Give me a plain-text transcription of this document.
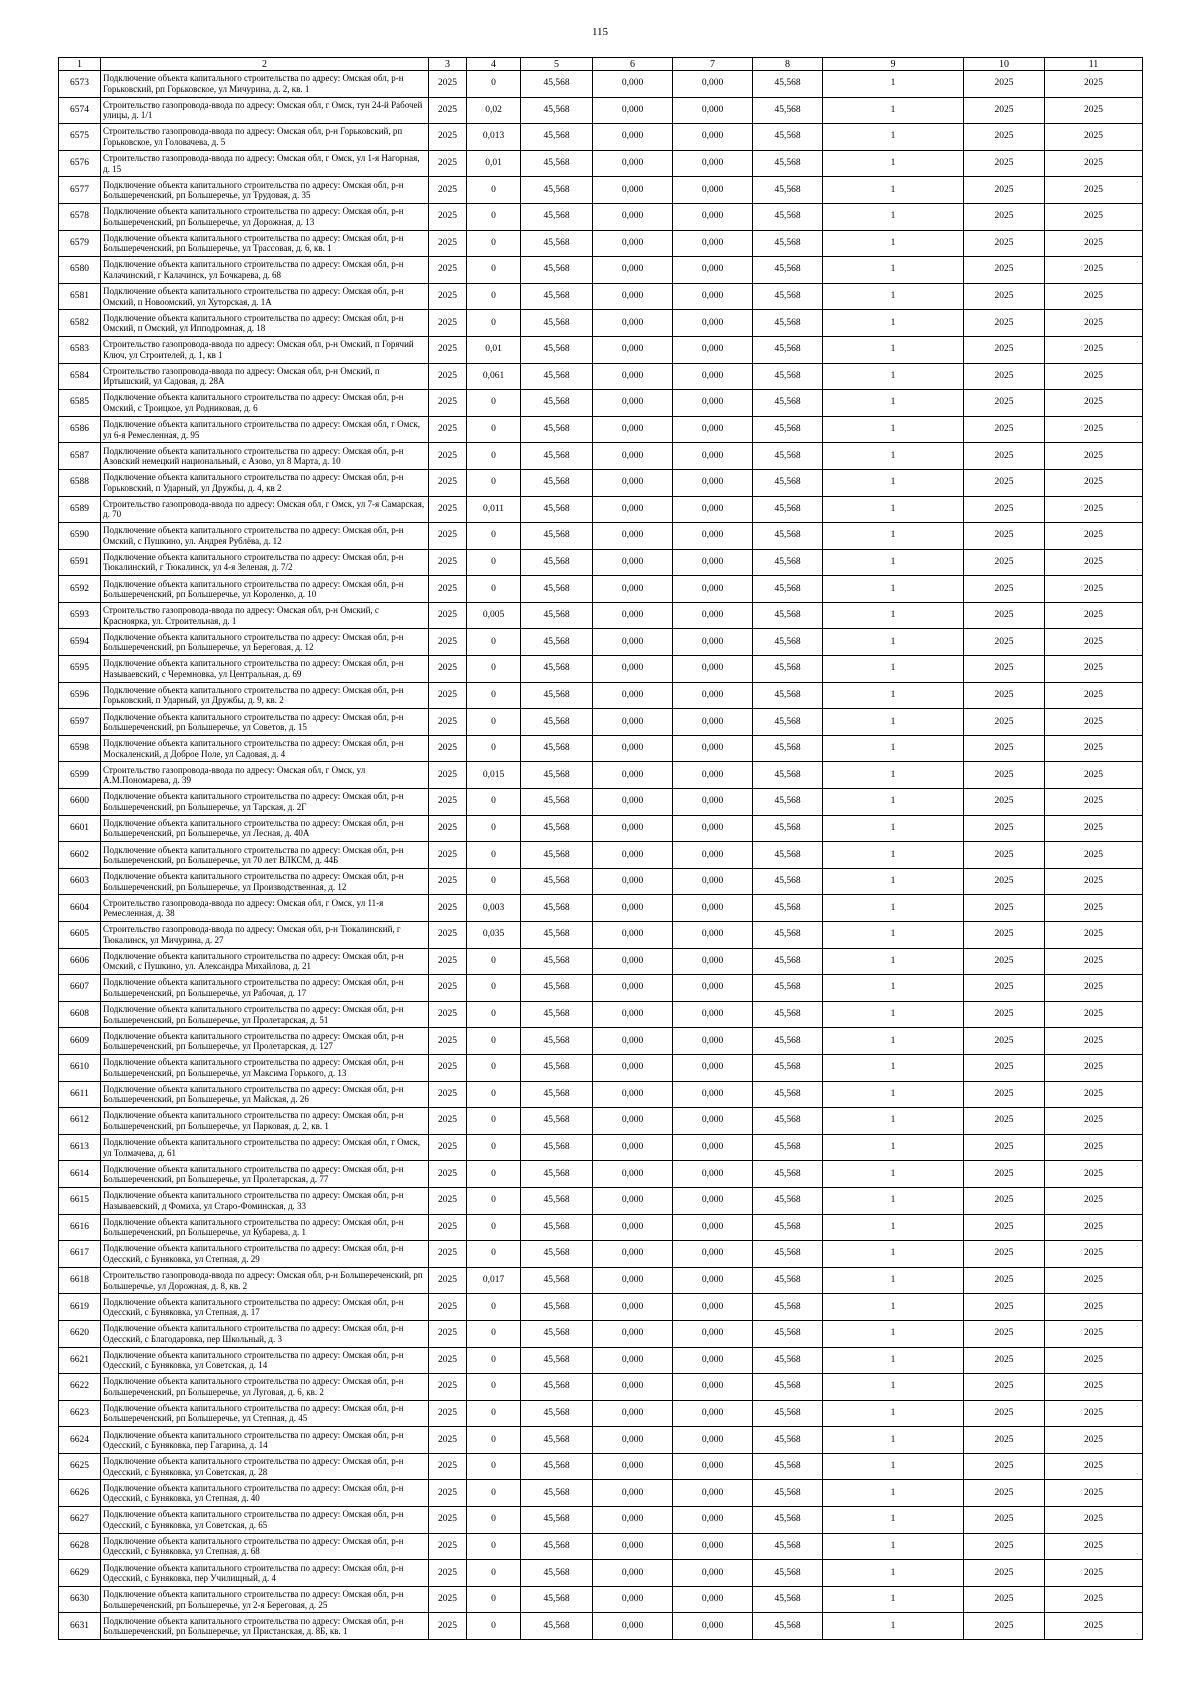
115
1	2	3	4	5	6	7	8	9	10	11
6573	Подключение объекта капитального строительства по адресу: Омская обл, р-н Горьковский, рп Горьковское, ул Мичурина, д. 2, кв. 1	2025	0	45,568	0,000	0,000	45,568	1	2025	2025
6574	Строительство газопровода-ввода по адресу: Омская обл, г Омск, тун 24-й Рабочей улицы, д. 1/1	2025	0,02	45,568	0,000	0,000	45,568	1	2025	2025
6575	Строительство газопровода-ввода по адресу: Омская обл, р-н Горьковский, рп Горьковское, ул Головачева, д. 5	2025	0,013	45,568	0,000	0,000	45,568	1	2025	2025
6576	Строительство газопровода-ввода по адресу: Омская обл, г Омск, ул 1-я Нагорная, д. 15	2025	0,01	45,568	0,000	0,000	45,568	1	2025	2025
6577	Подключение объекта капитального строительства по адресу: Омская обл, р-н Большереченский, рп Большеречье, ул Трудовая, д. 35	2025	0	45,568	0,000	0,000	45,568	1	2025	2025
6578	Подключение объекта капитального строительства по адресу: Омская обл, р-н Большереченский, рп Большеречье, ул Дорожная, д. 13	2025	0	45,568	0,000	0,000	45,568	1	2025	2025
6579	Подключение объекта капитального строительства по адресу: Омская обл, р-н Большереченский, рп Большеречье, ул Трассовая, д. 6, кв. 1	2025	0	45,568	0,000	0,000	45,568	1	2025	2025
6580	Подключение объекта капитального строительства по адресу: Омская обл, р-н Калачинский, г Калачинск, ул Бочкарева, д. 68	2025	0	45,568	0,000	0,000	45,568	1	2025	2025
6581	Подключение объекта капитального строительства по адресу: Омская обл, р-н Омский, п Новоомский, ул Хуторская, д. 1А	2025	0	45,568	0,000	0,000	45,568	1	2025	2025
6582	Подключение объекта капитального строительства по адресу: Омская обл, р-н Омский, п Омский, ул Ипподромная, д. 18	2025	0	45,568	0,000	0,000	45,568	1	2025	2025
6583	Строительство газопровода-ввода по адресу: Омская обл, р-н Омский, п Горячий Ключ, ул Строителей, д. 1, кв 1	2025	0,01	45,568	0,000	0,000	45,568	1	2025	2025
6584	Строительство газопровода-ввода по адресу: Омская обл, р-н Омский, п Иртышский, ул Садовая, д. 28А	2025	0,061	45,568	0,000	0,000	45,568	1	2025	2025
6585	Подключение объекта капитального строительства по адресу: Омская обл, р-н Омский, с Троицкое, ул Родниковая, д. 6	2025	0	45,568	0,000	0,000	45,568	1	2025	2025
6586	Подключение объекта капитального строительства по адресу: Омская обл, г Омск, ул 6-я Ремесленная, д. 95	2025	0	45,568	0,000	0,000	45,568	1	2025	2025
6587	Подключение объекта капитального строительства по адресу: Омская обл, р-н Азовский немецкий национальный, с Азово, ул 8 Марта, д. 10	2025	0	45,568	0,000	0,000	45,568	1	2025	2025
6588	Подключение объекта капитального строительства по адресу: Омская обл, р-н Горьковский, п Ударный, ул Дружбы, д. 4, кв 2	2025	0	45,568	0,000	0,000	45,568	1	2025	2025
6589	Строительство газопровода-ввода по адресу: Омская обл, г Омск, ул 7-я Самарская, д. 70	2025	0,011	45,568	0,000	0,000	45,568	1	2025	2025
6590	Подключение объекта капитального строительства по адресу: Омская обл, р-н Омский, с Пушкино, ул. Андрея Рублёва, д. 12	2025	0	45,568	0,000	0,000	45,568	1	2025	2025
6591	Подключение объекта капитального строительства по адресу: Омская обл, р-н Тюкалинский, г Тюкалинск, ул 4-я Зеленая, д. 7/2	2025	0	45,568	0,000	0,000	45,568	1	2025	2025
6592	Подключение объекта капитального строительства по адресу: Омская обл, р-н Большереченский, рп Большеречье, ул Короленко, д. 10	2025	0	45,568	0,000	0,000	45,568	1	2025	2025
6593	Строительство газопровода-ввода по адресу: Омская обл, р-н Омский, с Красноярка, ул. Строительная, д. 1	2025	0,005	45,568	0,000	0,000	45,568	1	2025	2025
6594	Подключение объекта капитального строительства по адресу: Омская обл, р-н Большереченский, рп Большеречье, ул Береговая, д. 12	2025	0	45,568	0,000	0,000	45,568	1	2025	2025
6595	Подключение объекта капитального строительства по адресу: Омская обл, р-н Называевский, с Черемновка, ул Центральная, д. 69	2025	0	45,568	0,000	0,000	45,568	1	2025	2025
6596	Подключение объекта капитального строительства по адресу: Омская обл, р-н Горьковский, п Ударный, ул Дружбы, д. 9, кв. 2	2025	0	45,568	0,000	0,000	45,568	1	2025	2025
6597	Подключение объекта капитального строительства по адресу: Омская обл, р-н Большереченский, рп Большеречье, ул Советов, д. 15	2025	0	45,568	0,000	0,000	45,568	1	2025	2025
6598	Подключение объекта капитального строительства по адресу: Омская обл, р-н Москаленский, д Доброе Поле, ул Садовая, д. 4	2025	0	45,568	0,000	0,000	45,568	1	2025	2025
6599	Строительство газопровода-ввода по адресу: Омская обл, г Омск, ул А.М.Пономарева, д. 39	2025	0,015	45,568	0,000	0,000	45,568	1	2025	2025
6600	Подключение объекта капитального строительства по адресу: Омская обл, р-н Большереченский, рп Большеречье, ул Тарская, д. 2Г	2025	0	45,568	0,000	0,000	45,568	1	2025	2025
6601	Подключение объекта капитального строительства по адресу: Омская обл, р-н Большереченский, рп Большеречье, ул Лесная, д. 40А	2025	0	45,568	0,000	0,000	45,568	1	2025	2025
6602	Подключение объекта капитального строительства по адресу: Омская обл, р-н Большереченский, рп Большеречье, ул 70 лет ВЛКСМ, д. 44Б	2025	0	45,568	0,000	0,000	45,568	1	2025	2025
6603	Подключение объекта капитального строительства по адресу: Омская обл, р-н Большереченский, рп Большеречье, ул Производственная, д. 12	2025	0	45,568	0,000	0,000	45,568	1	2025	2025
6604	Строительство газопровода-ввода по адресу: Омская обл, г Омск, ул 11-я Ремесленная, д. 38	2025	0,003	45,568	0,000	0,000	45,568	1	2025	2025
6605	Строительство газопровода-ввода по адресу: Омская обл, р-н Тюкалинский, г Тюкалинск, ул Мичурина, д. 27	2025	0,035	45,568	0,000	0,000	45,568	1	2025	2025
6606	Подключение объекта капитального строительства по адресу: Омская обл, р-н Омский, с Пушкино, ул. Александра Михайлова, д. 21	2025	0	45,568	0,000	0,000	45,568	1	2025	2025
6607	Подключение объекта капитального строительства по адресу: Омская обл, р-н Большереченский, рп Большеречье, ул Рабочая, д. 17	2025	0	45,568	0,000	0,000	45,568	1	2025	2025
6608	Подключение объекта капитального строительства по адресу: Омская обл, р-н Большереченский, рп Большеречье, ул Пролетарская, д. 51	2025	0	45,568	0,000	0,000	45,568	1	2025	2025
6609	Подключение объекта капитального строительства по адресу: Омская обл, р-н Большереченский, рп Большеречье, ул Пролетарская, д. 127	2025	0	45,568	0,000	0,000	45,568	1	2025	2025
6610	Подключение объекта капитального строительства по адресу: Омская обл, р-н Большереченский, рп Большеречье, ул Максима Горького, д. 13	2025	0	45,568	0,000	0,000	45,568	1	2025	2025
6611	Подключение объекта капитального строительства по адресу: Омская обл, р-н Большереченский, рп Большеречье, ул Майская, д. 26	2025	0	45,568	0,000	0,000	45,568	1	2025	2025
6612	Подключение объекта капитального строительства по адресу: Омская обл, р-н Большереченский, рп Большеречье, ул Парковая, д. 2, кв. 1	2025	0	45,568	0,000	0,000	45,568	1	2025	2025
6613	Подключение объекта капитального строительства по адресу: Омская обл, г Омск, ул Толмачева, д. 61	2025	0	45,568	0,000	0,000	45,568	1	2025	2025
6614	Подключение объекта капитального строительства по адресу: Омская обл, р-н Большереченский, рп Большеречье, ул Пролетарская, д. 77	2025	0	45,568	0,000	0,000	45,568	1	2025	2025
6615	Подключение объекта капитального строительства по адресу: Омская обл, р-н Называевский, д Фомиха, ул Старо-Фоминская, д. 33	2025	0	45,568	0,000	0,000	45,568	1	2025	2025
6616	Подключение объекта капитального строительства по адресу: Омская обл, р-н Большереченский, рп Большеречье, ул Кубарева, д. 1	2025	0	45,568	0,000	0,000	45,568	1	2025	2025
6617	Подключение объекта капитального строительства по адресу: Омская обл, р-н Одесский, с Буняковка, ул Степная, д. 29	2025	0	45,568	0,000	0,000	45,568	1	2025	2025
6618	Строительство газопровода-ввода по адресу: Омская обл, р-н Большереченский, рп Большеречье, ул Дорожная, д. 8, кв. 2	2025	0,017	45,568	0,000	0,000	45,568	1	2025	2025
6619	Подключение объекта капитального строительства по адресу: Омская обл, р-н Одесский, с Буняковка, ул Степная, д. 17	2025	0	45,568	0,000	0,000	45,568	1	2025	2025
6620	Подключение объекта капитального строительства по адресу: Омская обл, р-н Одесский, с Благодаровка, пер Школьный, д. 3	2025	0	45,568	0,000	0,000	45,568	1	2025	2025
6621	Подключение объекта капитального строительства по адресу: Омская обл, р-н Одесский, с Буняковка, ул Советская, д. 14	2025	0	45,568	0,000	0,000	45,568	1	2025	2025
6622	Подключение объекта капитального строительства по адресу: Омская обл, р-н Большереченский, рп Большеречье, ул Луговая, д. 6, кв. 2	2025	0	45,568	0,000	0,000	45,568	1	2025	2025
6623	Подключение объекта капитального строительства по адресу: Омская обл, р-н Большереченский, рп Большеречье, ул Степная, д. 45	2025	0	45,568	0,000	0,000	45,568	1	2025	2025
6624	Подключение объекта капитального строительства по адресу: Омская обл, р-н Одесский, с Буняковка, пер Гагарина, д. 14	2025	0	45,568	0,000	0,000	45,568	1	2025	2025
6625	Подключение объекта капитального строительства по адресу: Омская обл, р-н Одесский, с Буняковка, ул Советская, д. 28	2025	0	45,568	0,000	0,000	45,568	1	2025	2025
6626	Подключение объекта капитального строительства по адресу: Омская обл, р-н Одесский, с Буняковка, ул Степная, д. 40	2025	0	45,568	0,000	0,000	45,568	1	2025	2025
6627	Подключение объекта капитального строительства по адресу: Омская обл, р-н Одесский, с Буняковка, ул Советская, д. 65	2025	0	45,568	0,000	0,000	45,568	1	2025	2025
6628	Подключение объекта капитального строительства по адресу: Омская обл, р-н Одесский, с Буняковка, ул Степная, д. 68	2025	0	45,568	0,000	0,000	45,568	1	2025	2025
6629	Подключение объекта капитального строительства по адресу: Омская обл, р-н Одесский, с Буняковка, пер Училищный, д. 4	2025	0	45,568	0,000	0,000	45,568	1	2025	2025
6630	Подключение объекта капитального строительства по адресу: Омская обл, р-н Большереченский, рп Большеречье, ул 2-я Береговая, д. 25	2025	0	45,568	0,000	0,000	45,568	1	2025	2025
6631	Подключение объекта капитального строительства по адресу: Омская обл, р-н Большереченский, рп Большеречье, ул Пристанская, д. 8Б, кв. 1	2025	0	45,568	0,000	0,000	45,568	1	2025	2025
